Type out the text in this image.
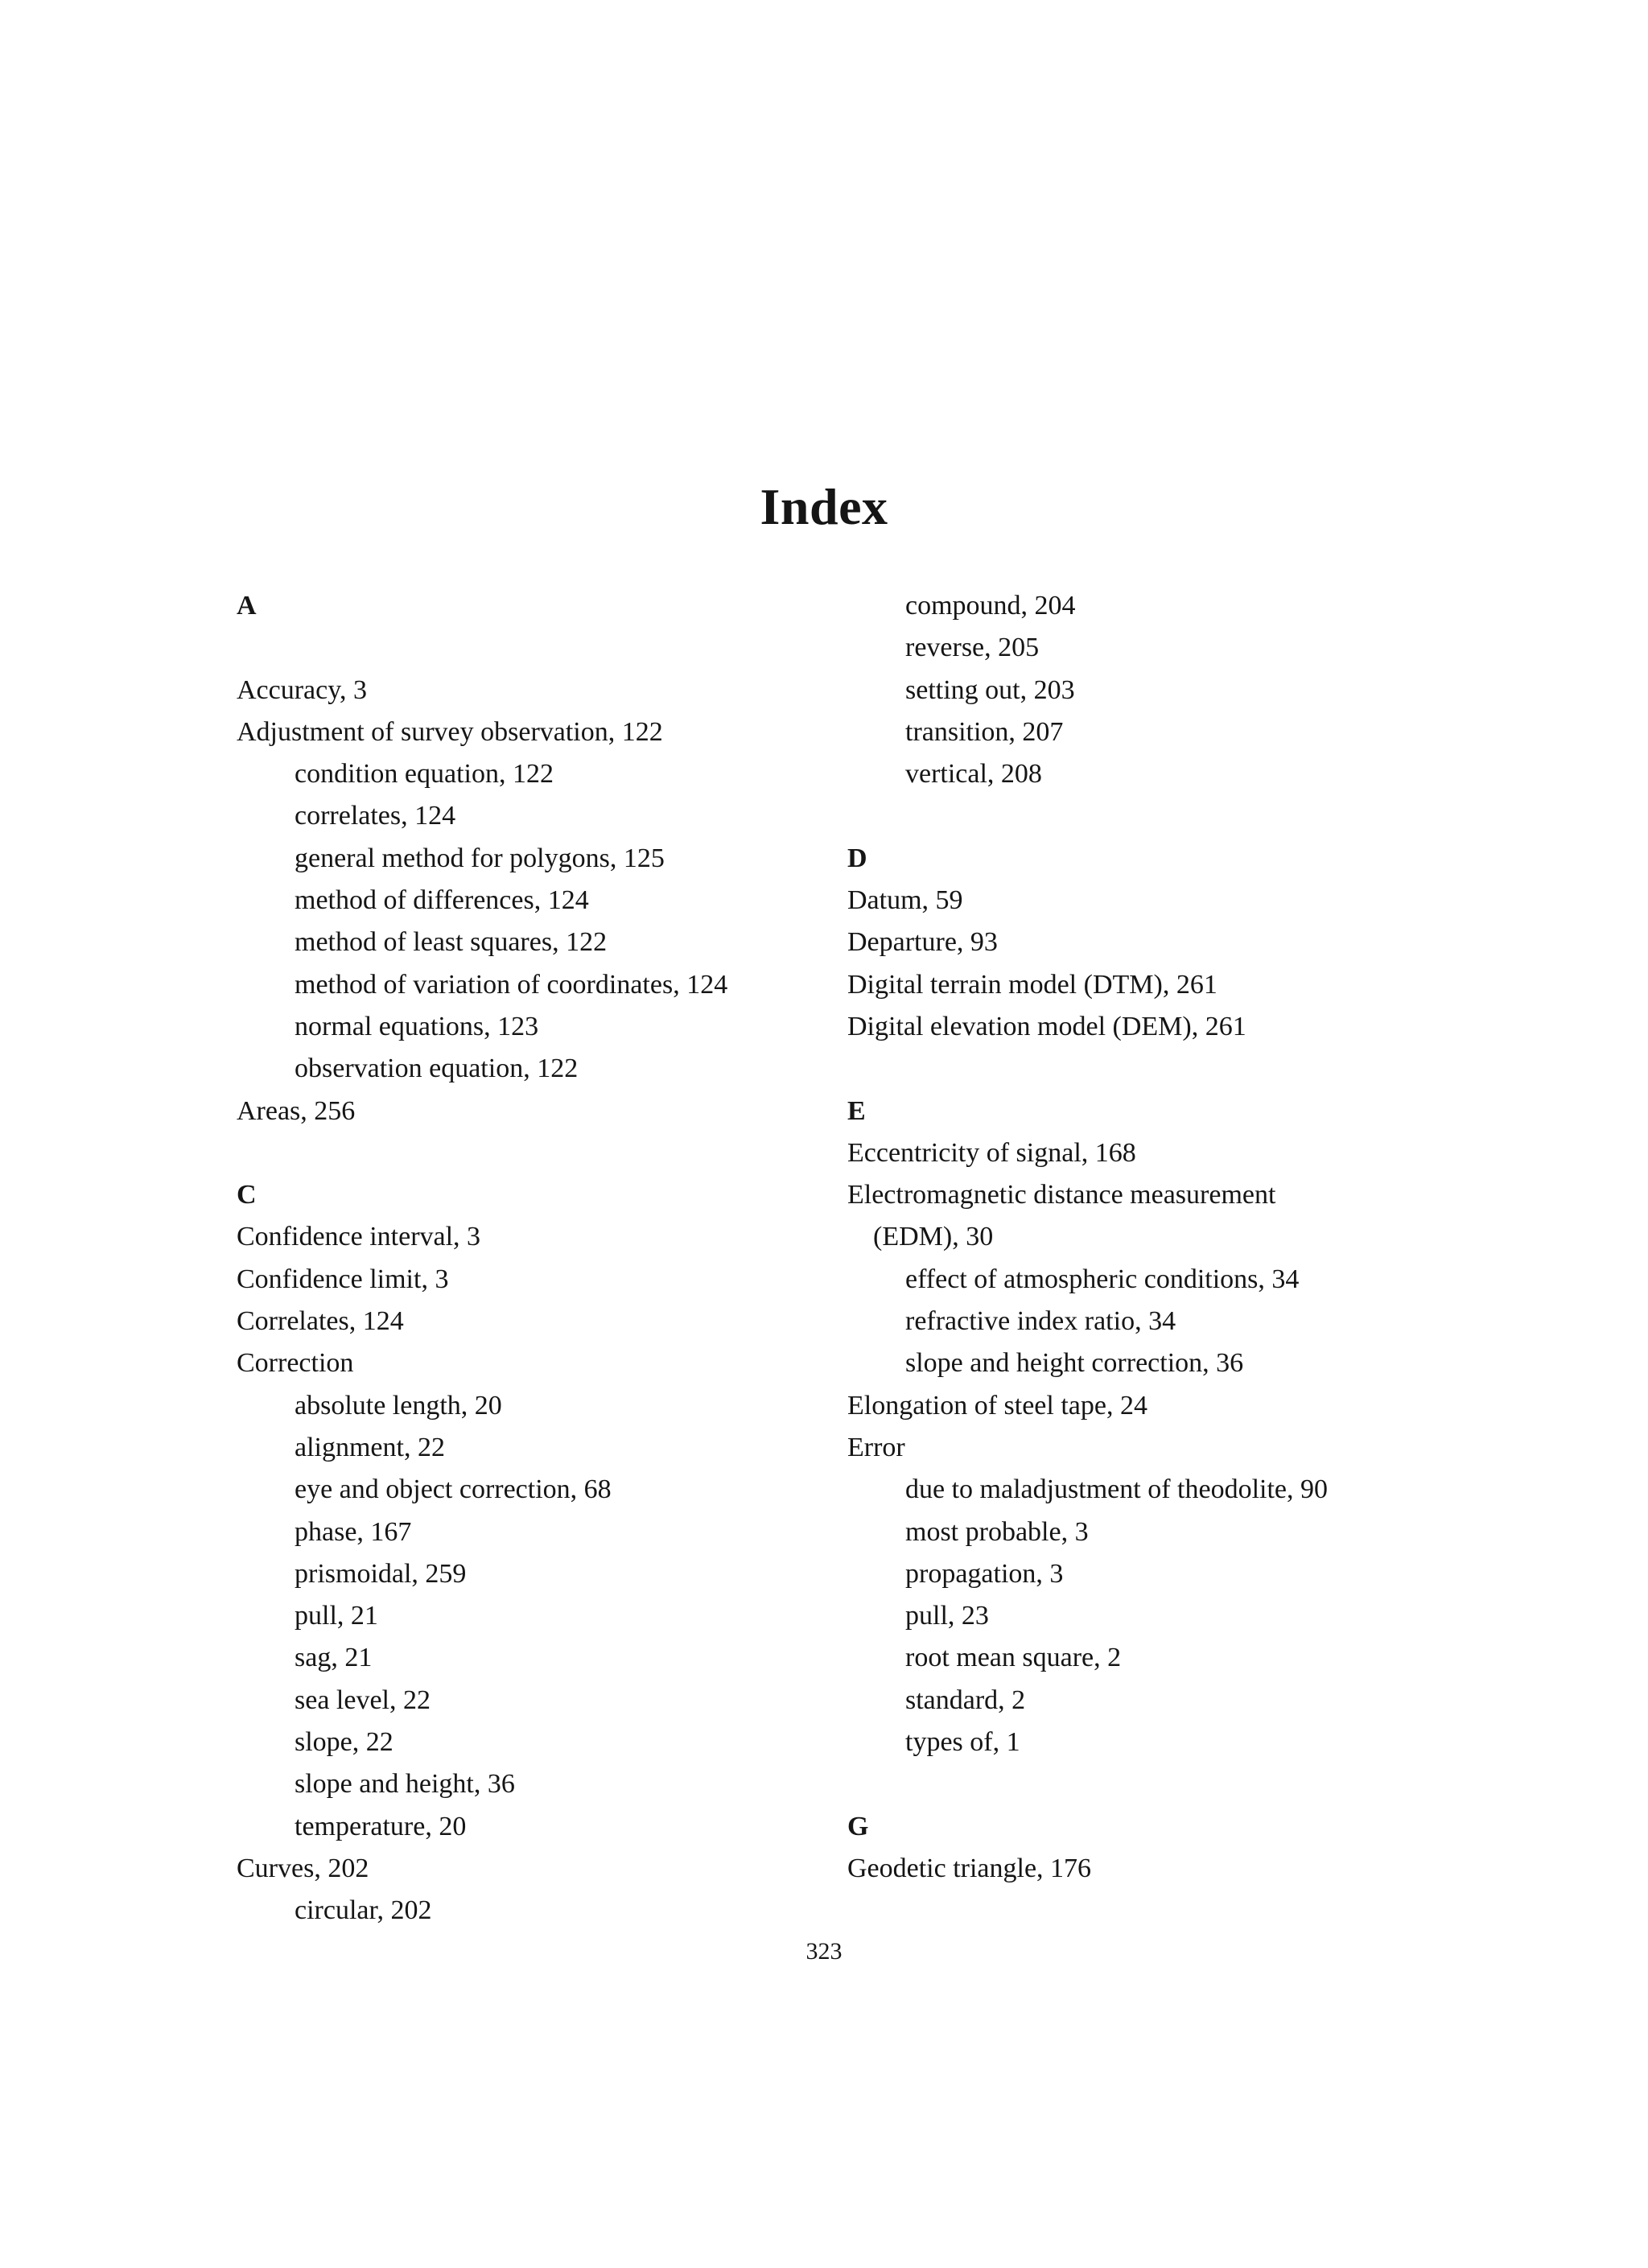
Index
A
Accuracy, 3
Adjustment of survey observation, 122
condition equation, 122
correlates, 124
general method for polygons, 125
method of differences, 124
method of least squares, 122
method of variation of coordinates, 124
normal equations, 123
observation equation, 122
Areas, 256
C
Confidence interval, 3
Confidence limit, 3
Correlates, 124
Correction
absolute length, 20
alignment, 22
eye and object correction, 68
phase, 167
prismoidal, 259
pull, 21
sag, 21
sea level, 22
slope, 22
slope and height, 36
temperature, 20
Curves, 202
circular, 202
compound, 204
reverse, 205
setting out, 203
transition, 207
vertical, 208
D
Datum, 59
Departure, 93
Digital terrain model (DTM), 261
Digital elevation model (DEM), 261
E
Eccentricity of signal, 168
Electromagnetic distance measurement
(EDM), 30
effect of atmospheric conditions, 34
refractive index ratio, 34
slope and height correction, 36
Elongation of steel tape, 24
Error
due to maladjustment of theodolite, 90
most probable, 3
propagation, 3
pull, 23
root mean square, 2
standard, 2
types of, 1
G
Geodetic triangle, 176
323
